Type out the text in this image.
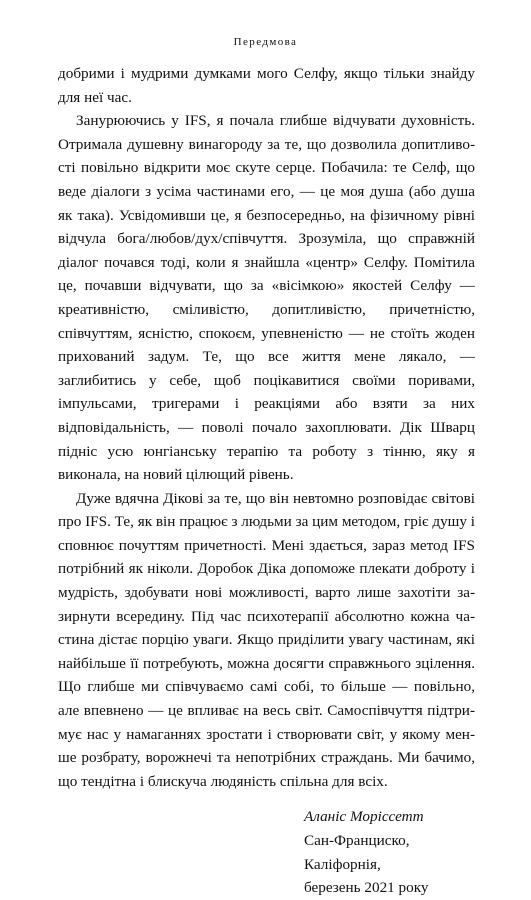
Передмова

добрими і мудрими думками мого Селфу, якщо тільки знайду для неї час.

Занурюючись у IFS, я почала глибше відчувати духовність. Отримала душевну винагороду за те, що дозволила допитливості повільно відкрити моє скуте серце. Побачила: те Селф, що веде діалоги з усіма частинами его, — це моя душа (або душа як така). Усвідомивши це, я безпосередньо, на фізичному рівні відчула бога/любов/дух/співчуття. Зрозуміла, що справжній діалог почався тоді, коли я знайшла «центр» Селфу. Помітила це, почавши відчувати, що за «вісімкою» якостей Селфу — креативністю, сміливістю, допитливістю, причетністю, співчуттям, яснiстю, спокоєм, упевненістю — не стоїть жоден прихований задум. Те, що все життя мене лякало, — заглибитись у себе, щоб поцікавитися своїми поривами, імпульсами, тригерами і реакціями або взяти за них відповідальність, — поволі почало захоплювати. Дік Шварц підніс усю юнгіанську терапію та роботу з тінню, яку я виконала, на новий цілющий рівень.

Дуже вдячна Дікові за те, що він невтомно розповідає світові про IFS. Те, як він працює з людьми за цим методом, гріє душу і сповнює почуттям причетності. Мені здається, зараз метод IFS потрібний як ніколи. Доробок Діка допоможе плекати доброту і мудрість, здобувати нові можливості, варто лише захотіти зазирнути всередину. Під час психотерапії абсолютно кожна частина дістає порцію уваги. Якщо приділити увагу частинам, які найбільше її потребують, можна досягти справжнього зцілення. Що глибше ми співчуваємо самі собі, то більше — повільно, але впевнено — це впливає на весь світ. Самоспівчуття підтримує нас у намаганнях зростати і створювати світ, у якому менше розбрату, ворожнечі та непотрібних страждань. Ми бачимо, що тендітна і блискуча людяність спільна для всіх.

Аланіс Моріссетт
Сан-Франциско, Каліфорнія,
березень 2021 року
